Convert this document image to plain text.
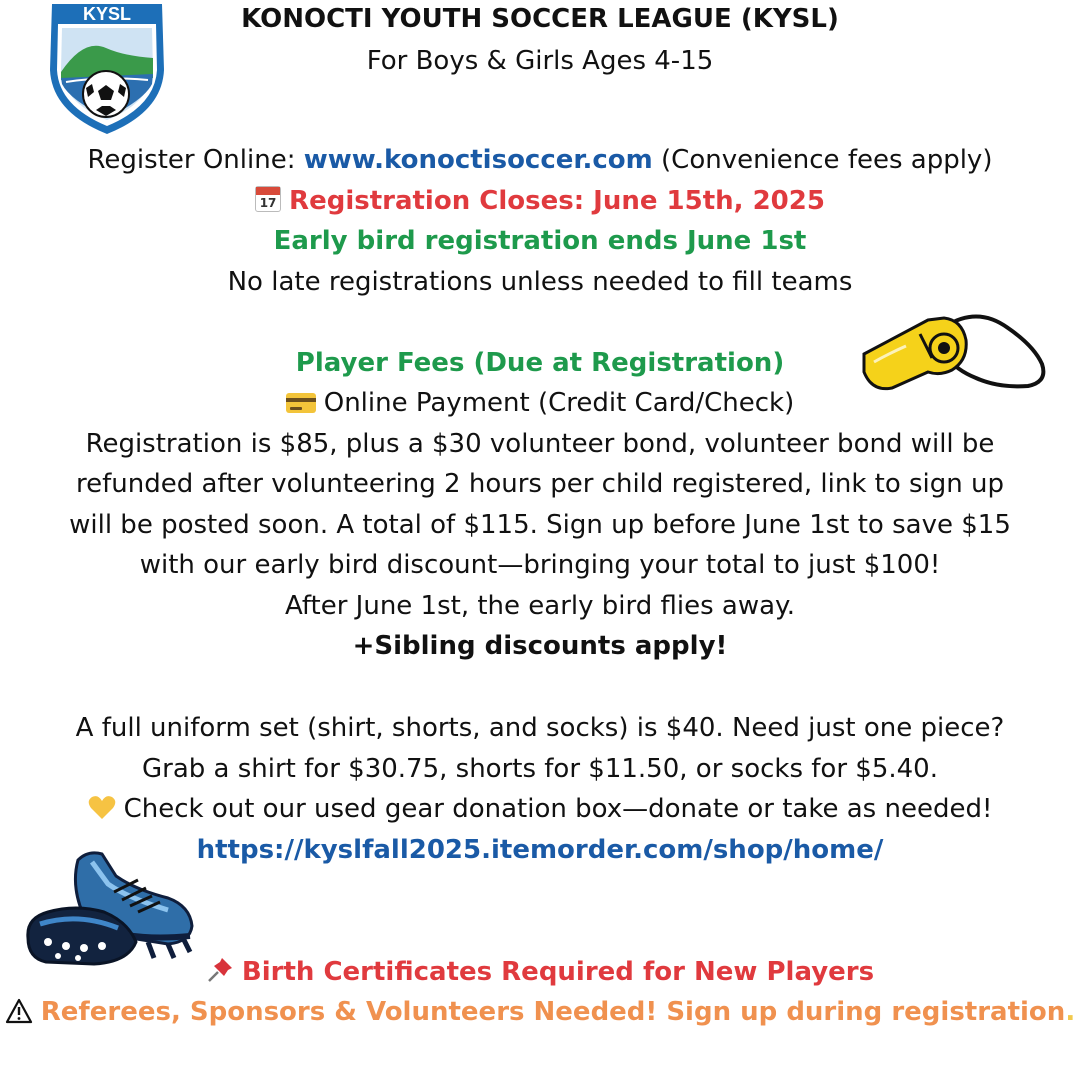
KYSL	KONOCTI YOUTH SOCCER LEAGUE (KYSL)
For Boys & Girls Ages 4-15
Register Online: www.konoctisoccer.com (Convenience fees apply)
17 Registration Closes: June 15th, 2025
Early bird registration ends June 1st
No late registrations unless needed to fill teams
Player Fees (Due at Registration)
Online Payment (Credit Card/Check)
Registration is $85, plus a $30 volunteer bond, volunteer bond will be
refunded after volunteering 2 hours per child registered, link to sign up
will be posted soon. A total of $115. Sign up before June 1st to save $15
with our early bird discount—bringing your total to just $100!
After June 1st, the early bird flies away.
+Sibling discounts apply!
A full uniform set (shirt, shorts, and socks) is $40. Need just one piece?
Grab a shirt for $30.75, shorts for $11.50, or socks for $5.40.
Check out our used gear donation box—donate or take as needed!
https://kyslfall2025.itemorder.com/shop/home/
Birth Certificates Required for New Players
Referees, Sponsors & Volunteers Needed! Sign up during registration.
